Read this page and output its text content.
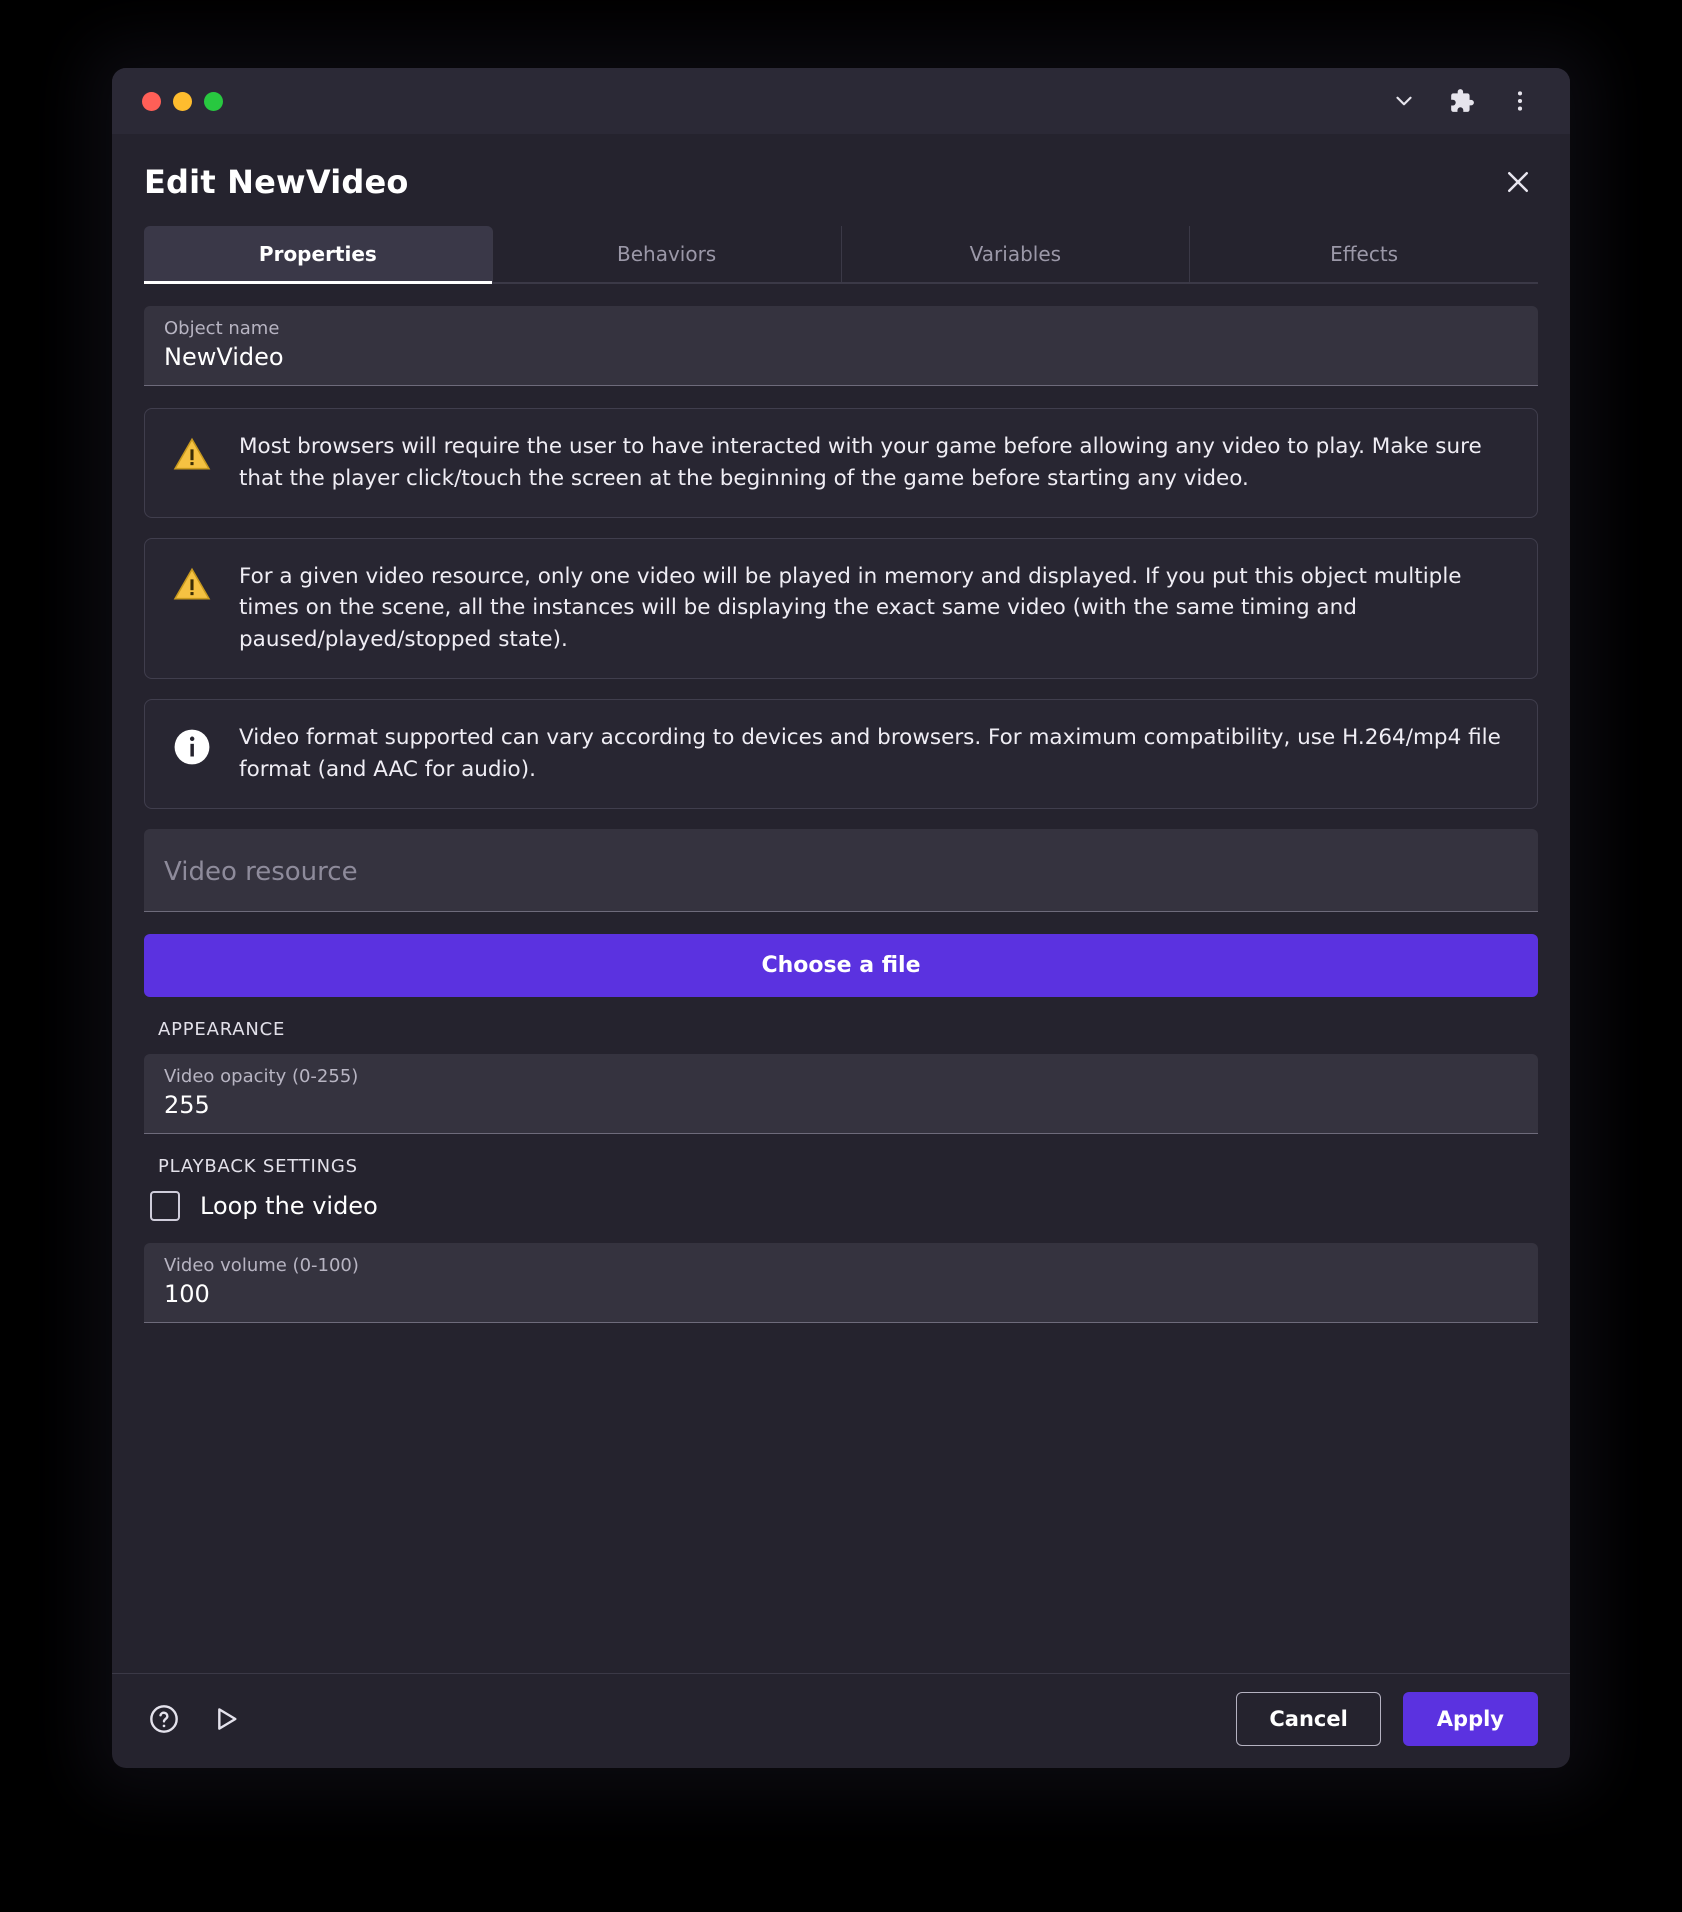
Edit NewVideo
Properties	Behaviors	Variables	Effects
Object name
NewVideo
Most browsers will require the user to have interacted with your game before allowing any video to play. Make sure that the player click/touch the screen at the beginning of the game before starting any video.
For a given video resource, only one video will be played in memory and displayed. If you put this object multiple times on the scene, all the instances will be displaying the exact same video (with the same timing and paused/played/stopped state).
Video format supported can vary according to devices and browsers. For maximum compatibility, use H.264/mp4 file format (and AAC for audio).
Video resource
Choose a file
APPEARANCE
Video opacity (0-255)
255
PLAYBACK SETTINGS
Loop the video
Video volume (0-100)
100
Cancel	Apply
